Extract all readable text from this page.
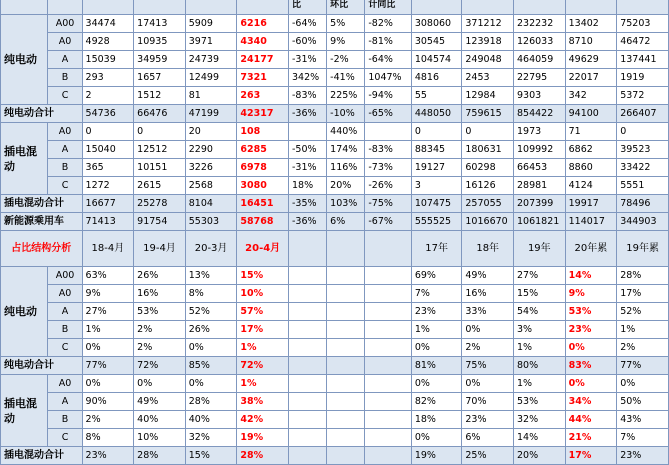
						比	环比	计同比					
纯电动	A00	34474	17413	5909	6216	-64%	5%	-82%	308060	371212	232232	13402	75203
	A0	4928	10935	3971	4340	-60%	9%	-81%	30545	123918	126033	8710	46472
	A	15039	34959	24739	24177	-31%	-2%	-64%	104574	249048	464059	49629	137441
	B	293	1657	12499	7321	342%	-41%	1047%	4816	2453	22795	22017	1919
	C	2	1512	81	263	-83%	225%	-94%	55	12984	9303	342	5372
纯电动合计		54736	66476	47199	42317	-36%	-10%	-65%	448050	759615	854422	94100	266407
插电混动	A0	0	0	20	108		440%		0	0	1973	71	0
	A	15040	12512	2290	6285	-50%	174%	-83%	88345	180631	109992	6862	39523
	B	365	10151	3226	6978	-31%	116%	-73%	19127	60298	66453	8860	33422
	C	1272	2615	2568	3080	18%	20%	-26%	3	16126	28981	4124	5551
插电混动合计		16677	25278	8104	16451	-35%	103%	-75%	107475	257055	207399	19917	78496
新能源乘用车		71413	91754	55303	58768	-36%	6%	-67%	555525	1016670	1061821	114017	344903
占比结构分析		18-4月	19-4月	20-3月	20-4月				17年	18年	19年	20年累	19年累
纯电动	A00	63%	26%	13%	15%				69%	49%	27%	14%	28%
	A0	9%	16%	8%	10%				7%	16%	15%	9%	17%
	A	27%	53%	52%	57%				23%	33%	54%	53%	52%
	B	1%	2%	26%	17%				1%	0%	3%	23%	1%
	C	0%	2%	0%	1%				0%	2%	1%	0%	2%
纯电动合计		77%	72%	85%	72%				81%	75%	80%	83%	77%
插电混动	A0	0%	0%	0%	1%				0%	0%	1%	0%	0%
	A	90%	49%	28%	38%				82%	70%	53%	34%	50%
	B	2%	40%	40%	42%				18%	23%	32%	44%	43%
	C	8%	10%	32%	19%				0%	6%	14%	21%	7%
插电混动合计		23%	28%	15%	28%				19%	25%	20%	17%	23%
